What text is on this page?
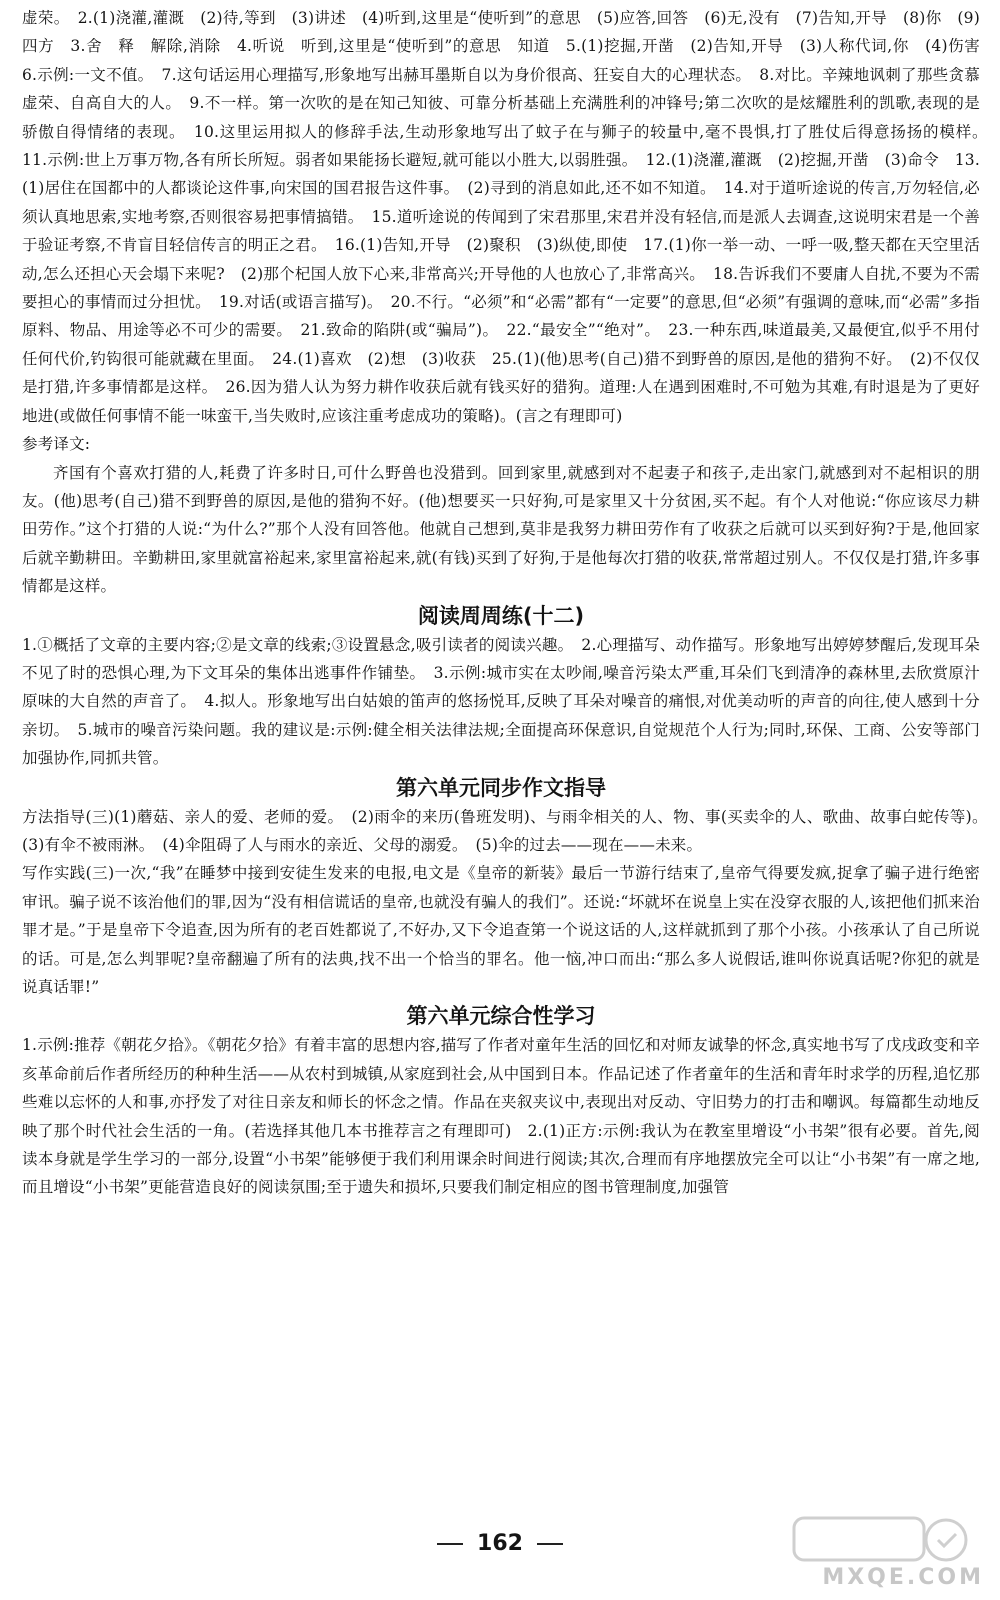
虚荣。　2.(1)浇灌,灌溉　(2)待,等到　(3)讲述　(4)听到,这里是“使听到”的意思　(5)应答,回答　(6)无,没有　(7)告知,开导　(8)你　(9)四方　3.舍　释　解除,消除　4.听说　听到,这里是“使听到”的意思　知道　5.(1)挖掘,开凿　(2)告知,开导　(3)人称代词,你　(4)伤害　6.示例:一文不值。　7.这句话运用心理描写,形象地写出赫耳墨斯自以为身价很高、狂妄自大的心理状态。　8.对比。辛辣地讽刺了那些贪慕虚荣、自高自大的人。　9.不一样。第一次吹的是在知己知彼、可靠分析基础上充满胜利的冲锋号;第二次吹的是炫耀胜利的凯歌,表现的是骄傲自得情绪的表现。　10.这里运用拟人的修辞手法,生动形象地写出了蚊子在与狮子的较量中,毫不畏惧,打了胜仗后得意扬扬的模样。　11.示例:世上万事万物,各有所长所短。弱者如果能扬长避短,就可能以小胜大,以弱胜强。　12.(1)浇灌,灌溉　(2)挖掘,开凿　(3)命令　13.(1)居住在国都中的人都谈论这件事,向宋国的国君报告这件事。　(2)寻到的消息如此,还不如不知道。　14.对于道听途说的传言,万勿轻信,必须认真地思索,实地考察,否则很容易把事情搞错。　15.道听途说的传闻到了宋君那里,宋君并没有轻信,而是派人去调查,这说明宋君是一个善于验证考察,不肯盲目轻信传言的明正之君。　16.(1)告知,开导　(2)聚积　(3)纵使,即使　17.(1)你一举一动、一呼一吸,整天都在天空里活动,怎么还担心天会塌下来呢?　(2)那个杞国人放下心来,非常高兴;开导他的人也放心了,非常高兴。　18.告诉我们不要庸人自扰,不要为不需要担心的事情而过分担忧。　19.对话(或语言描写)。　20.不行。“必须”和“必需”都有“一定要”的意思,但“必须”有强调的意味,而“必需”多指原料、物品、用途等必不可少的需要。　21.致命的陷阱(或“骗局”)。　22.“最安全”“绝对”。　23.一种东西,味道最美,又最便宜,似乎不用付任何代价,钓钩很可能就藏在里面。　24.(1)喜欢　(2)想　(3)收获　25.(1)(他)思考(自己)猎不到野兽的原因,是他的猎狗不好。　(2)不仅仅是打猎,许多事情都是这样。　26.因为猎人认为努力耕作收获后就有钱买好的猎狗。道理:人在遇到困难时,不可勉为其难,有时退是为了更好地进(或做任何事情不能一味蛮干,当失败时,应该注重考虑成功的策略)。(言之有理即可)

参考译文:

齐国有个喜欢打猎的人,耗费了许多时日,可什么野兽也没猎到。回到家里,就感到对不起妻子和孩子,走出家门,就感到对不起相识的朋友。(他)思考(自己)猎不到野兽的原因,是他的猎狗不好。(他)想要买一只好狗,可是家里又十分贫困,买不起。有个人对他说:“你应该尽力耕田劳作。”这个打猎的人说:“为什么?”那个人没有回答他。他就自己想到,莫非是我努力耕田劳作有了收获之后就可以买到好狗?于是,他回家后就辛勤耕田。辛勤耕田,家里就富裕起来,家里富裕起来,就(有钱)买到了好狗,于是他每次打猎的收获,常常超过别人。不仅仅是打猎,许多事情都是这样。

阅读周周练(十二)

1.①概括了文章的主要内容;②是文章的线索;③设置悬念,吸引读者的阅读兴趣。　2.心理描写、动作描写。形象地写出婷婷梦醒后,发现耳朵不见了时的恐惧心理,为下文耳朵的集体出逃事件作铺垫。　3.示例:城市实在太吵闹,噪音污染太严重,耳朵们飞到清净的森林里,去欣赏原汁原味的大自然的声音了。　4.拟人。形象地写出白姑娘的笛声的悠扬悦耳,反映了耳朵对噪音的痛恨,对优美动听的声音的向往,使人感到十分亲切。　5.城市的噪音污染问题。我的建议是:示例:健全相关法律法规;全面提高环保意识,自觉规范个人行为;同时,环保、工商、公安等部门加强协作,同抓共管。

第六单元同步作文指导

方法指导(三)(1)蘑菇、亲人的爱、老师的爱。　(2)雨伞的来历(鲁班发明)、与雨伞相关的人、物、事(买卖伞的人、歌曲、故事白蛇传等)。　(3)有伞不被雨淋。　(4)伞阻碍了人与雨水的亲近、父母的溺爱。　(5)伞的过去——现在——未来。

写作实践(三)一次,“我”在睡梦中接到安徒生发来的电报,电文是《皇帝的新装》最后一节游行结束了,皇帝气得要发疯,捉拿了骗子进行绝密审讯。骗子说不该治他们的罪,因为“没有相信谎话的皇帝,也就没有骗人的我们”。还说:“坏就坏在说皇上实在没穿衣服的人,该把他们抓来治罪才是。”于是皇帝下令追查,因为所有的老百姓都说了,不好办,又下令追查第一个说这话的人,这样就抓到了那个小孩。小孩承认了自己所说的话。可是,怎么判罪呢?皇帝翻遍了所有的法典,找不出一个恰当的罪名。他一恼,冲口而出:“那么多人说假话,谁叫你说真话呢?你犯的就是说真话罪!”

第六单元综合性学习

1.示例:推荐《朝花夕拾》。《朝花夕拾》有着丰富的思想内容,描写了作者对童年生活的回忆和对师友诚挚的怀念,真实地书写了戊戌政变和辛亥革命前后作者所经历的种种生活——从农村到城镇,从家庭到社会,从中国到日本。作品记述了作者童年的生活和青年时求学的历程,追忆那些难以忘怀的人和事,亦抒发了对往日亲友和师长的怀念之情。作品在夹叙夹议中,表现出对反动、守旧势力的打击和嘲讽。每篇都生动地反映了那个时代社会生活的一角。(若选择其他几本书推荐言之有理即可)　2.(1)正方:示例:我认为在教室里增设“小书架”很有必要。首先,阅读本身就是学生学习的一部分,设置“小书架”能够便于我们利用课余时间进行阅读;其次,合理而有序地摆放完全可以让“小书架”有一席之地,而且增设“小书架”更能营造良好的阅读氛围;至于遗失和损坏,只要我们制定相应的图书管理制度,加强管

162
MXQE.COM
